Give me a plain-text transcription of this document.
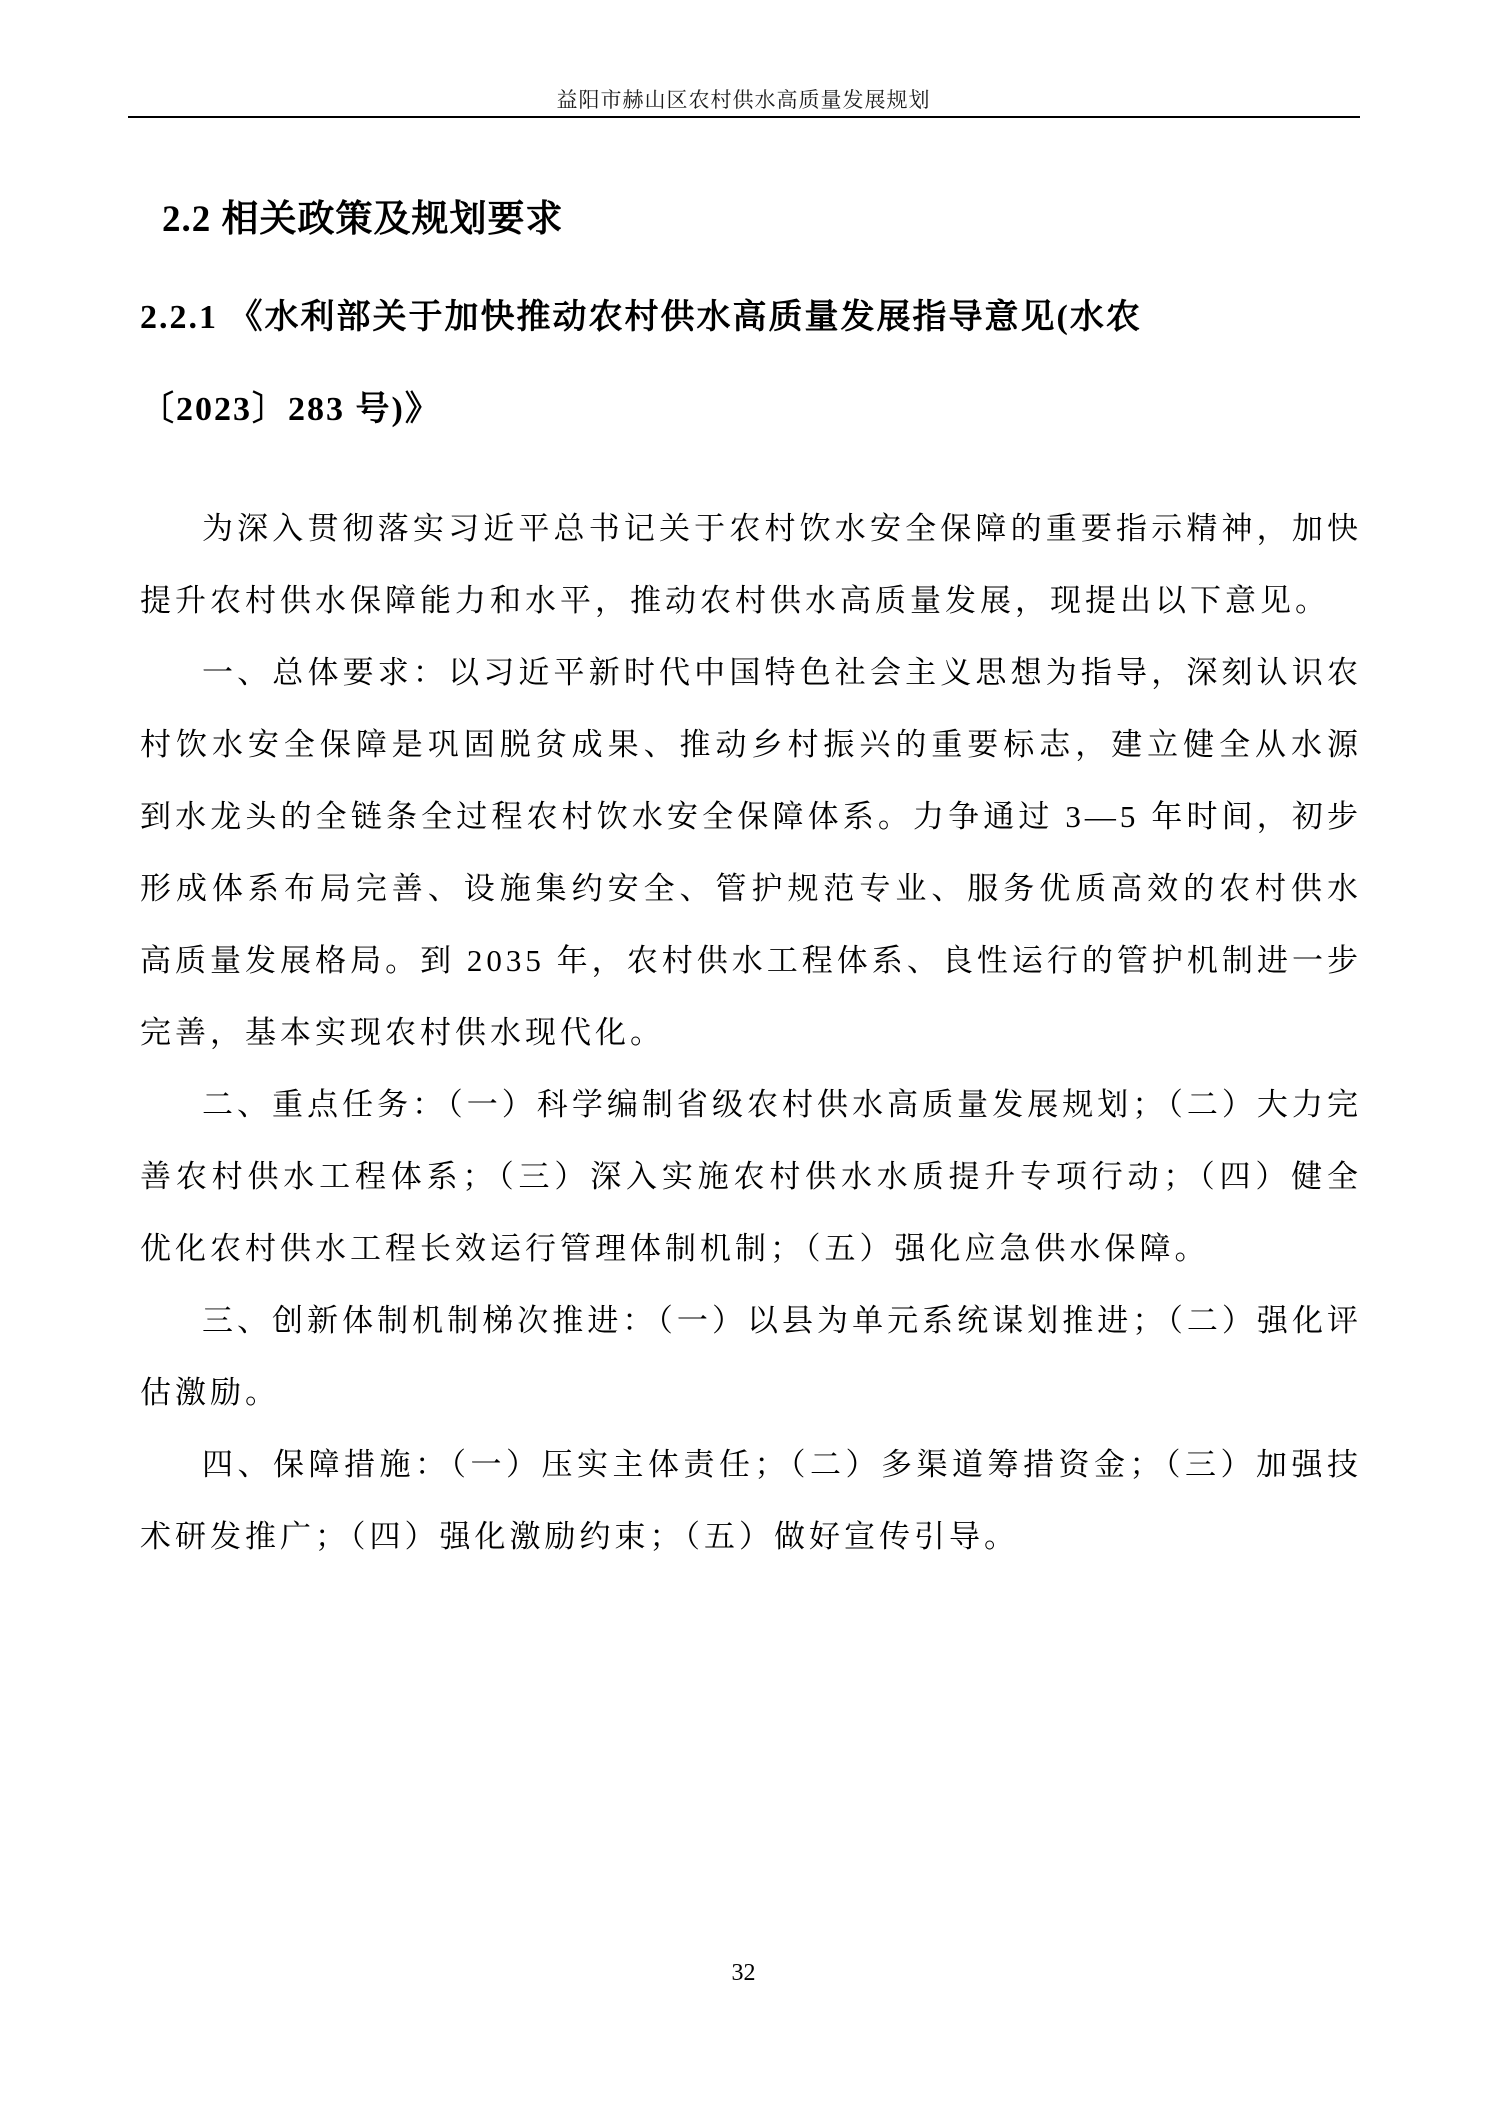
益阳市赫山区农村供水高质量发展规划
2.2 相关政策及规划要求
2.2.1 《水利部关于加快推动农村供水高质量发展指导意见(水农
〔2023〕283 号)》

为深入贯彻落实习近平总书记关于农村饮水安全保障的重要指示精神，加快提升农村供水保障能力和水平，推动农村供水高质量发展，现提出以下意见。

一、总体要求：以习近平新时代中国特色社会主义思想为指导，深刻认识农村饮水安全保障是巩固脱贫成果、推动乡村振兴的重要标志，建立健全从水源到水龙头的全链条全过程农村饮水安全保障体系。力争通过 3—5 年时间，初步形成体系布局完善、设施集约安全、管护规范专业、服务优质高效的农村供水高质量发展格局。到 2035 年，农村供水工程体系、良性运行的管护机制进一步完善，基本实现农村供水现代化。

二、重点任务：（一）科学编制省级农村供水高质量发展规划；（二）大力完善农村供水工程体系；（三）深入实施农村供水水质提升专项行动；（四）健全优化农村供水工程长效运行管理体制机制；（五）强化应急供水保障。

三、创新体制机制梯次推进：（一）以县为单元系统谋划推进；（二）强化评估激励。

四、保障措施：（一）压实主体责任；（二）多渠道筹措资金；（三）加强技术研发推广；（四）强化激励约束；（五）做好宣传引导。

32
